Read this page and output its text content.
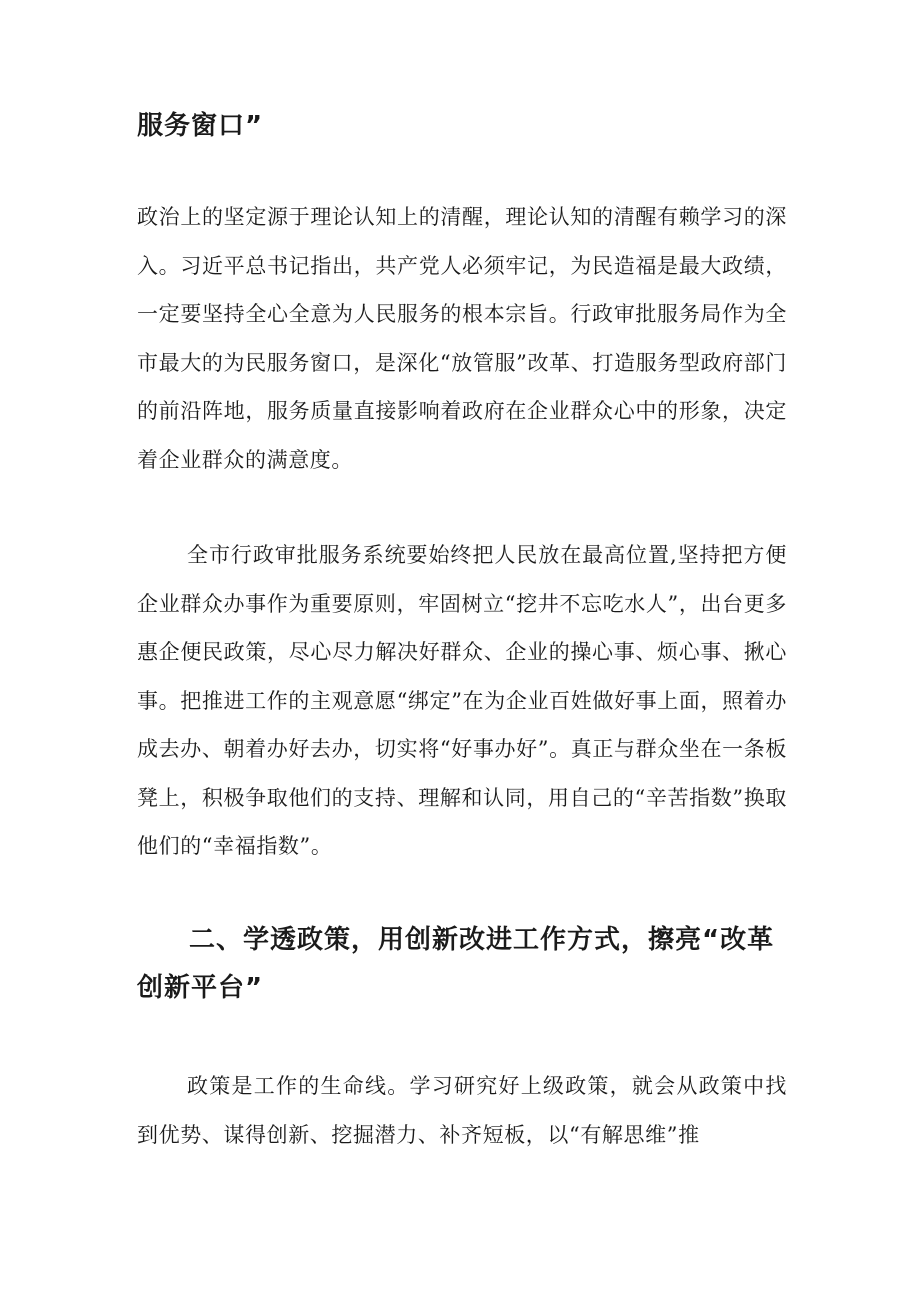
服务窗口”

政治上的坚定源于理论认知上的清醒，理论认知的清醒有赖学习的深入。习近平总书记指出，共产党人必须牢记，为民造福是最大政绩，一定要坚持全心全意为人民服务的根本宗旨。行政审批服务局作为全市最大的为民服务窗口，是深化“放管服”改革、打造服务型政府部门的前沿阵地，服务质量直接影响着政府在企业群众心中的形象，决定着企业群众的满意度。

全市行政审批服务系统要始终把人民放在最高位置,坚持把方便企业群众办事作为重要原则，牢固树立“挖井不忘吃水人”，出台更多惠企便民政策，尽心尽力解决好群众、企业的操心事、烦心事、揪心事。把推进工作的主观意愿“绑定”在为企业百姓做好事上面，照着办成去办、朝着办好去办，切实将“好事办好”。真正与群众坐在一条板凳上，积极争取他们的支持、理解和认同，用自己的“辛苦指数”换取他们的“幸福指数”。

二、学透政策，用创新改进工作方式，擦亮“改革创新平台”

政策是工作的生命线。学习研究好上级政策，就会从政策中找到优势、谋得创新、挖掘潜力、补齐短板，以“有解思维”推
